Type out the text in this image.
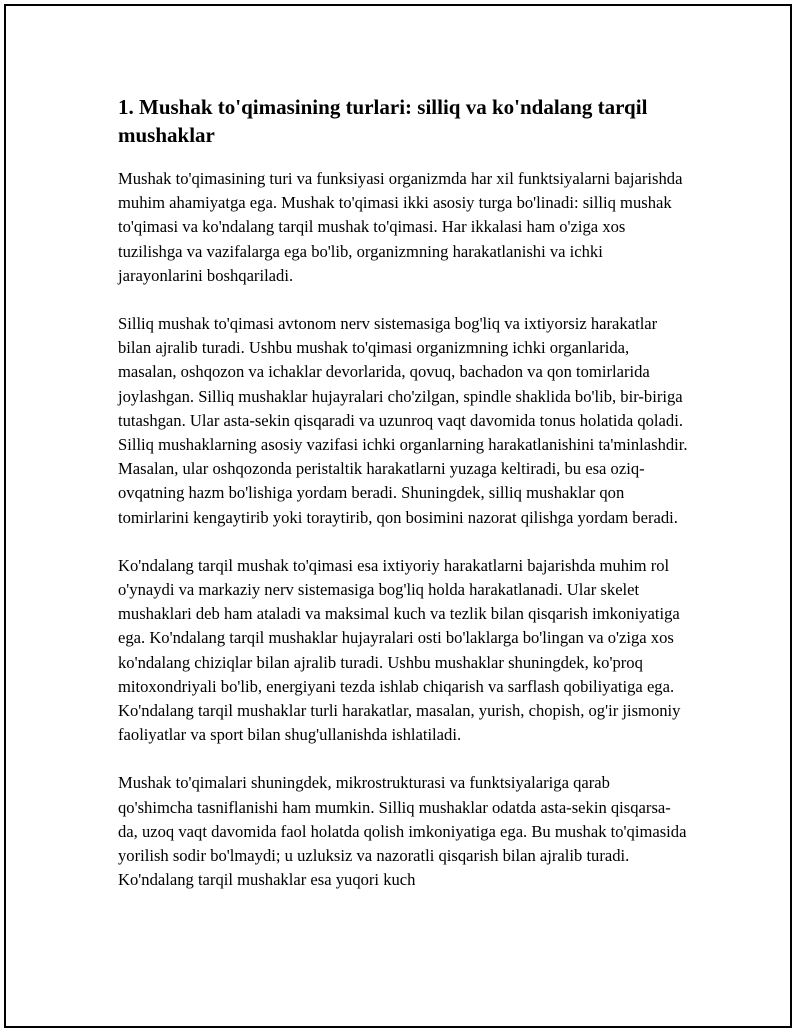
1. Mushak to'qimasining turlari: silliq va ko'ndalang tarqil mushaklar

Mushak to'qimasining turi va funksiyasi organizmda har xil funktsiyalarni bajarishda muhim ahamiyatga ega. Mushak to'qimasi ikki asosiy turga bo'linadi: silliq mushak to'qimasi va ko'ndalang tarqil mushak to'qimasi. Har ikkalasi ham o'ziga xos tuzilishga va vazifalarga ega bo'lib, organizmning harakatlanishi va ichki jarayonlarini boshqariladi.

Silliq mushak to'qimasi avtonom nerv sistemasiga bog'liq va ixtiyorsiz harakatlar bilan ajralib turadi. Ushbu mushak to'qimasi organizmning ichki organlarida, masalan, oshqozon va ichaklar devorlarida, qovuq, bachadon va qon tomirlarida joylashgan. Silliq mushaklar hujayralari cho'zilgan, spindle shaklida bo'lib, bir-biriga tutashgan. Ular asta-sekin qisqaradi va uzunroq vaqt davomida tonus holatida qoladi. Silliq mushaklarning asosiy vazifasi ichki organlarning harakatlanishini ta'minlashdir. Masalan, ular oshqozonda peristaltik harakatlarni yuzaga keltiradi, bu esa oziq-ovqatning hazm bo'lishiga yordam beradi. Shuningdek, silliq mushaklar qon tomirlarini kengaytirib yoki toraytirib, qon bosimini nazorat qilishga yordam beradi.

Ko'ndalang tarqil mushak to'qimasi esa ixtiyoriy harakatlarni bajarishda muhim rol o'ynaydi va markaziy nerv sistemasiga bog'liq holda harakatlanadi. Ular skelet mushaklari deb ham ataladi va maksimal kuch va tezlik bilan qisqarish imkoniyatiga ega. Ko'ndalang tarqil mushaklar hujayralari osti bo'laklarga bo'lingan va o'ziga xos ko'ndalang chiziqlar bilan ajralib turadi. Ushbu mushaklar shuningdek, ko'proq mitoxondriyali bo'lib, energiyani tezda ishlab chiqarish va sarflash qobiliyatiga ega. Ko'ndalang tarqil mushaklar turli harakatlar, masalan, yurish, chopish, og'ir jismoniy faoliyatlar va sport bilan shug'ullanishda ishlatiladi.

Mushak to'qimalari shuningdek, mikrostrukturasi va funktsiyalariga qarab qo'shimcha tasniflanishi ham mumkin. Silliq mushaklar odatda asta-sekin qisqarsa-da, uzoq vaqt davomida faol holatda qolish imkoniyatiga ega. Bu mushak to'qimasida yorilish sodir bo'lmaydi; u uzluksiz va nazoratli qisqarish bilan ajralib turadi. Ko'ndalang tarqil mushaklar esa yuqori kuch
